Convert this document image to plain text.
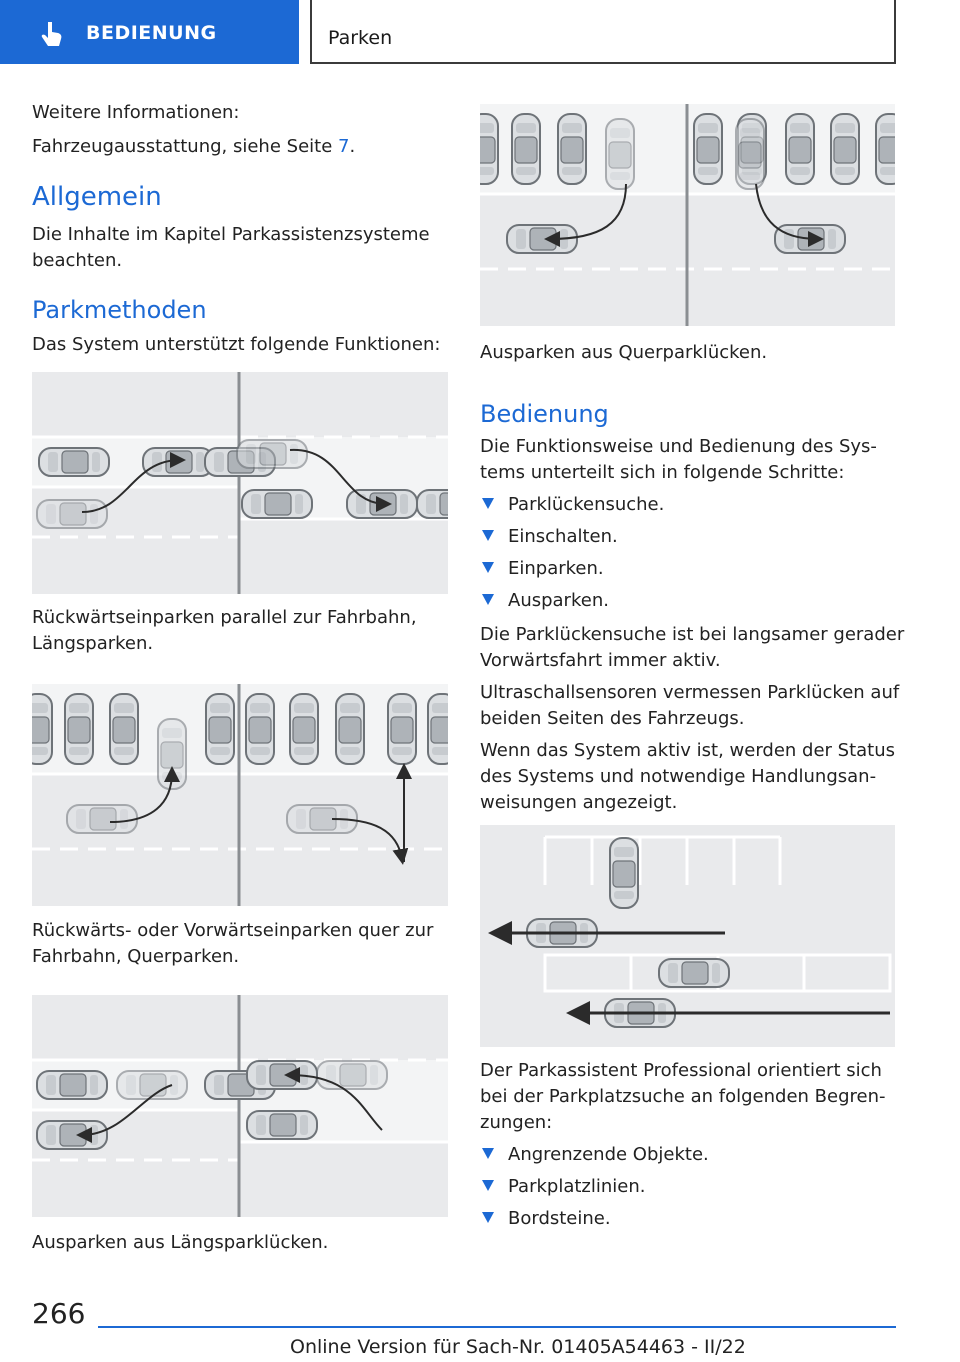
BEDIENUNG	Parken
Weitere Informationen:
Fahrzeugausstattung, siehe Seite 7.
Allgemein
Die Inhalte im Kapitel Parkassistenzsysteme
beachten.
Parkmethoden
Das System unterstützt folgende Funktionen:
Rückwärtseinparken parallel zur Fahrbahn,
Längsparken.
Rückwärts- oder Vorwärtseinparken quer zur
Fahrbahn, Querparken.
Ausparken aus Längsparklücken.
Ausparken aus Querparklücken.
Bedienung
Die Funktionsweise und Bedienung des Sys-
tems unterteilt sich in folgende Schritte:
Parklückensuche.
Einschalten.
Einparken.
Ausparken.
Die Parklückensuche ist bei langsamer gerader
Vorwärtsfahrt immer aktiv.
Ultraschallsensoren vermessen Parklücken auf
beiden Seiten des Fahrzeugs.
Wenn das System aktiv ist, werden der Status
des Systems und notwendige Handlungsan-
weisungen angezeigt.
Der Parkassistent Professional orientiert sich
bei der Parkplatzsuche an folgenden Begren-
zungen:
Angrenzende Objekte.
Parkplatzlinien.
Bordsteine.
266
Online Version für Sach-Nr. 01405A54463 - II/22
